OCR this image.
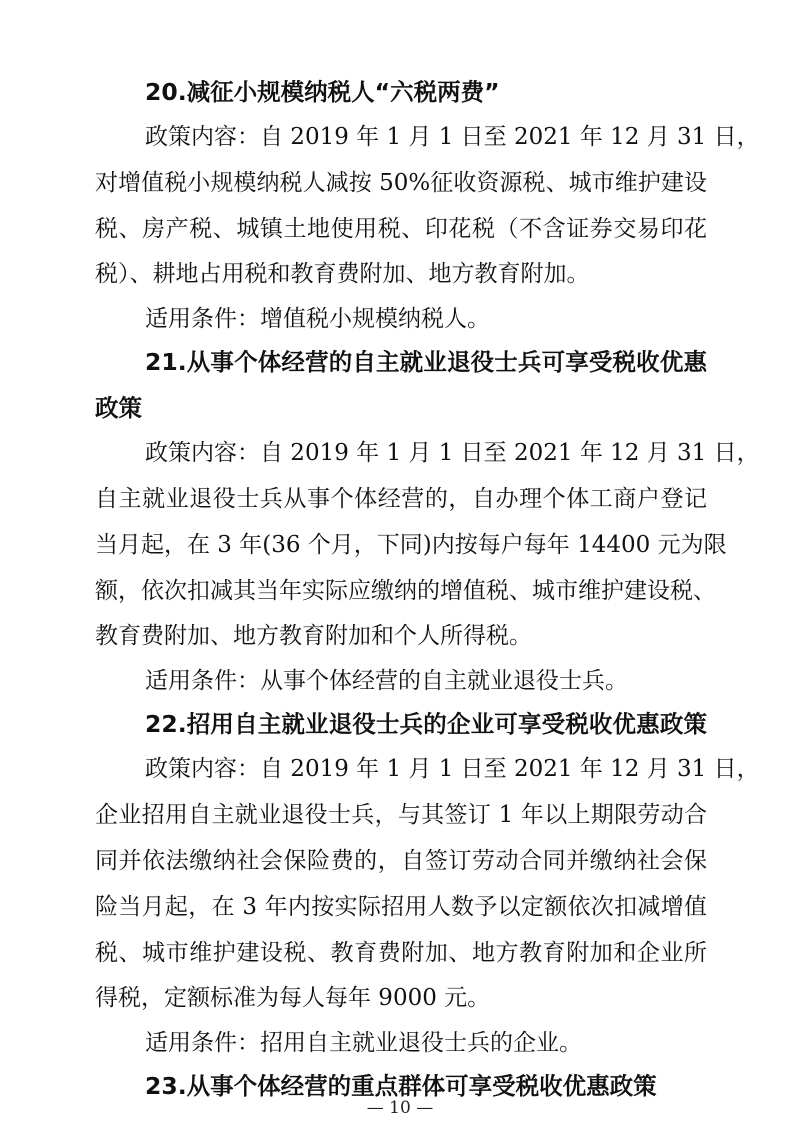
20.减征小规模纳税人“六税两费”
政策内容：自 2019 年 1 月 1 日至 2021 年 12 月 31 日，
对增值税小规模纳税人减按 50%征收资源税、城市维护建设
税、房产税、城镇土地使用税、印花税（不含证券交易印花
税）、耕地占用税和教育费附加、地方教育附加。
适用条件：增值税小规模纳税人。
21.从事个体经营的自主就业退役士兵可享受税收优惠
政策
政策内容：自 2019 年 1 月 1 日至 2021 年 12 月 31 日，
自主就业退役士兵从事个体经营的，自办理个体工商户登记
当月起，在 3 年(36 个月，下同)内按每户每年 14400 元为限
额，依次扣减其当年实际应缴纳的增值税、城市维护建设税、
教育费附加、地方教育附加和个人所得税。
适用条件：从事个体经营的自主就业退役士兵。
22.招用自主就业退役士兵的企业可享受税收优惠政策
政策内容：自 2019 年 1 月 1 日至 2021 年 12 月 31 日，
企业招用自主就业退役士兵，与其签订 1 年以上期限劳动合
同并依法缴纳社会保险费的，自签订劳动合同并缴纳社会保
险当月起，在 3 年内按实际招用人数予以定额依次扣减增值
税、城市维护建设税、教育费附加、地方教育附加和企业所
得税，定额标准为每人每年 9000 元。
适用条件：招用自主就业退役士兵的企业。
23.从事个体经营的重点群体可享受税收优惠政策
— 10 —
